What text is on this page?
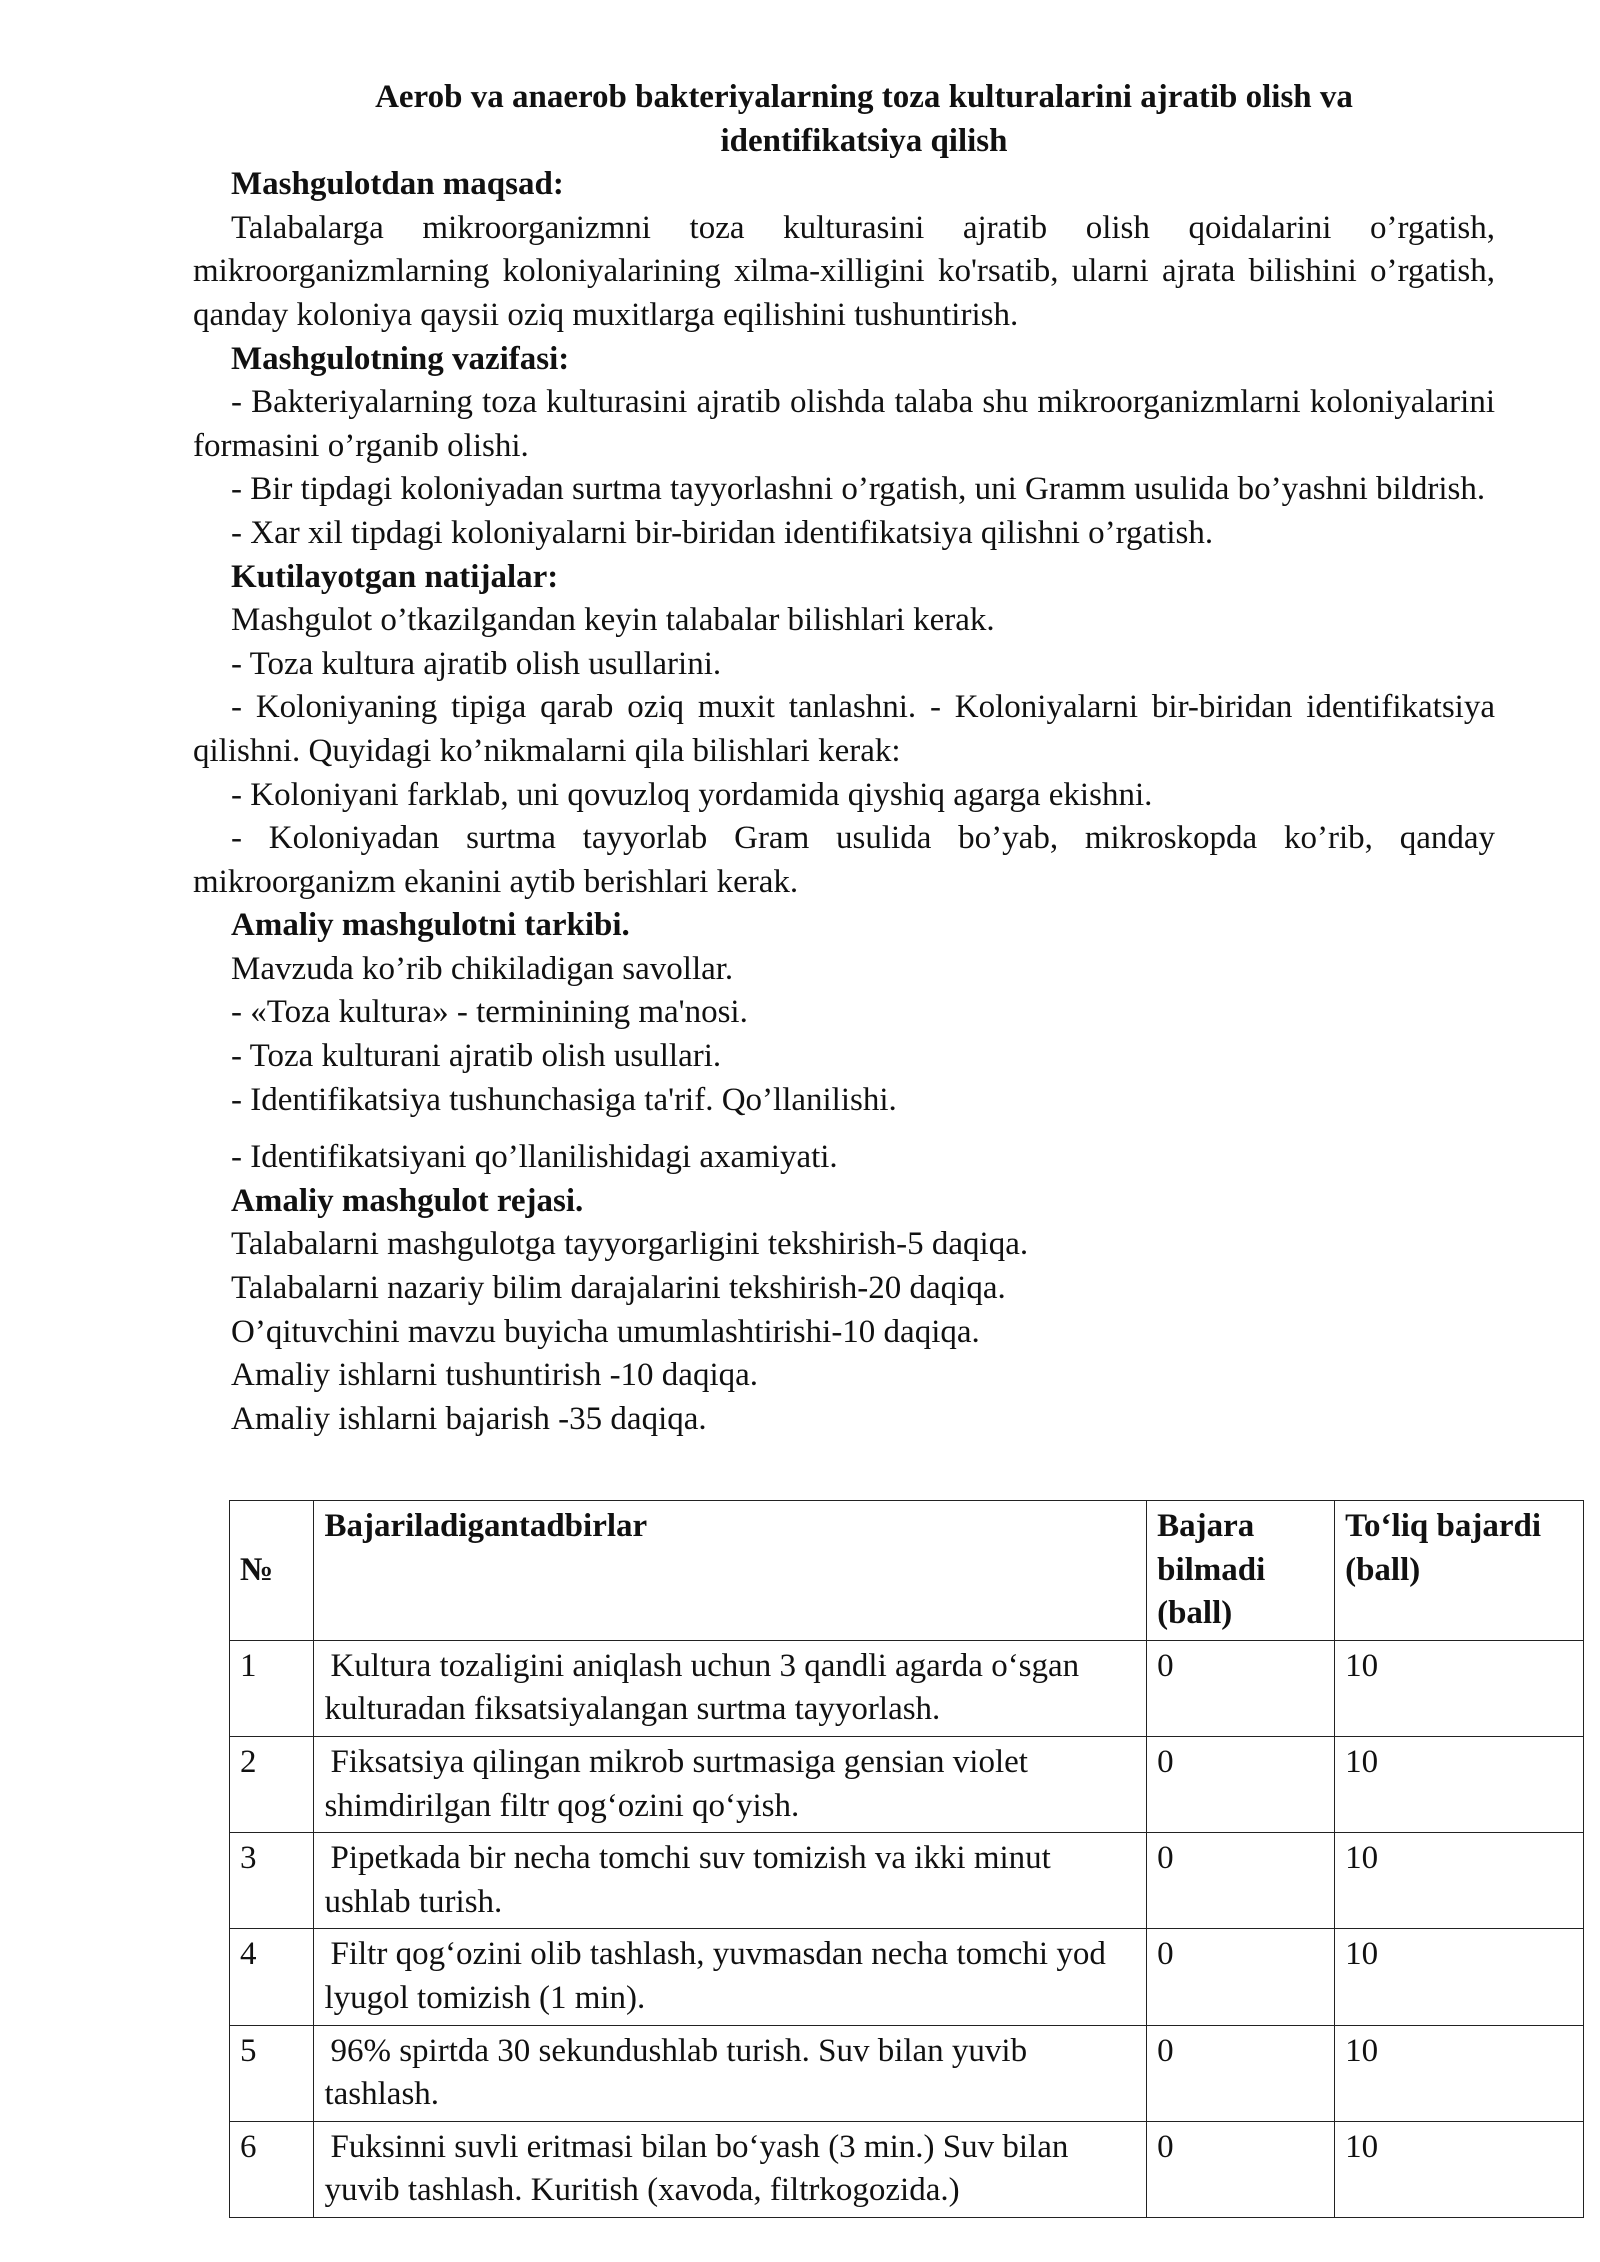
Aerob va anaerob bakteriyalarning toza kulturalarini ajratib olish va identifikatsiya qilish
Mashgulotdan maqsad:
Talabalarga mikroorganizmni toza kulturasini ajratib olish qoidalarini o’rgatish, mikroorganizmlarning koloniyalarining xilma-xilligini ko'rsatib, ularni ajrata bilishini o’rgatish, qanday koloniya qaysii oziq muxitlarga eqilishini tushuntirish.
Mashgulotning vazifasi:
- Bakteriyalarning toza kulturasini ajratib olishda talaba shu mikroorganizmlarni koloniyalarini formasini o’rganib olishi.
- Bir tipdagi koloniyadan surtma tayyorlashni o’rgatish, uni Gramm usulida bo’yashni bildrish.
- Xar xil tipdagi koloniyalarni bir-biridan identifikatsiya qilishni o’rgatish.
Kutilayotgan natijalar:
Mashgulot o’tkazilgandan keyin talabalar bilishlari kerak.
- Toza kultura ajratib olish usullarini.
- Koloniyaning tipiga qarab oziq muxit tanlashni. - Koloniyalarni bir-biridan identifikatsiya qilishni. Quyidagi ko’nikmalarni qila bilishlari kerak:
- Koloniyani farklab, uni qovuzloq yordamida qiyshiq agarga ekishni.
- Koloniyadan surtma tayyorlab Gram usulida bo’yab, mikroskopda ko’rib, qanday mikroorganizm ekanini aytib berishlari kerak.
Amaliy mashgulotni tarkibi.
Mavzuda ko’rib chikiladigan savollar.
- «Toza kultura» - terminining ma'nosi.
- Toza kulturani ajratib olish usullari.
- Identifikatsiya tushunchasiga ta'rif. Qo’llanilishi.
- Identifikatsiyani qo’llanilishidagi axamiyati.
Amaliy mashgulot rejasi.
Talabalarni mashgulotga tayyorgarligini tekshirish-5 daqiqa.
Talabalarni nazariy bilim darajalarini tekshirish-20 daqiqa.
O’qituvchini mavzu buyicha umumlashtirishi-10 daqiqa.
Amaliy ishlarni tushuntirish -10 daqiqa.
Amaliy ishlarni bajarish -35 daqiqa.
№	Bajariladigantadbirlar	Bajara bilmadi (ball)	To‘liq bajardi (ball)
1	Kultura tozaligini aniqlash uchun 3 qandli agarda o‘sgan kulturadan fiksatsiyalangan surtma tayyorlash.	0	10
2	Fiksatsiya qilingan mikrob surtmasiga gensian violet shimdirilgan filtr qog‘ozini qo‘yish.	0	10
3	Pipetkada bir necha tomchi suv tomizish va ikki minut ushlab turish.	0	10
4	Filtr qog‘ozini olib tashlash, yuvmasdan necha tomchi yod lyugol tomizish (1 min).	0	10
5	96% spirtda 30 sekundushlab turish. Suv bilan yuvib tashlash.	0	10
6	Fuksinni suvli eritmasi bilan bo‘yash (3 min.) Suv bilan yuvib tashlash. Kuritish (xavoda, filtrkogozida.)	0	10
